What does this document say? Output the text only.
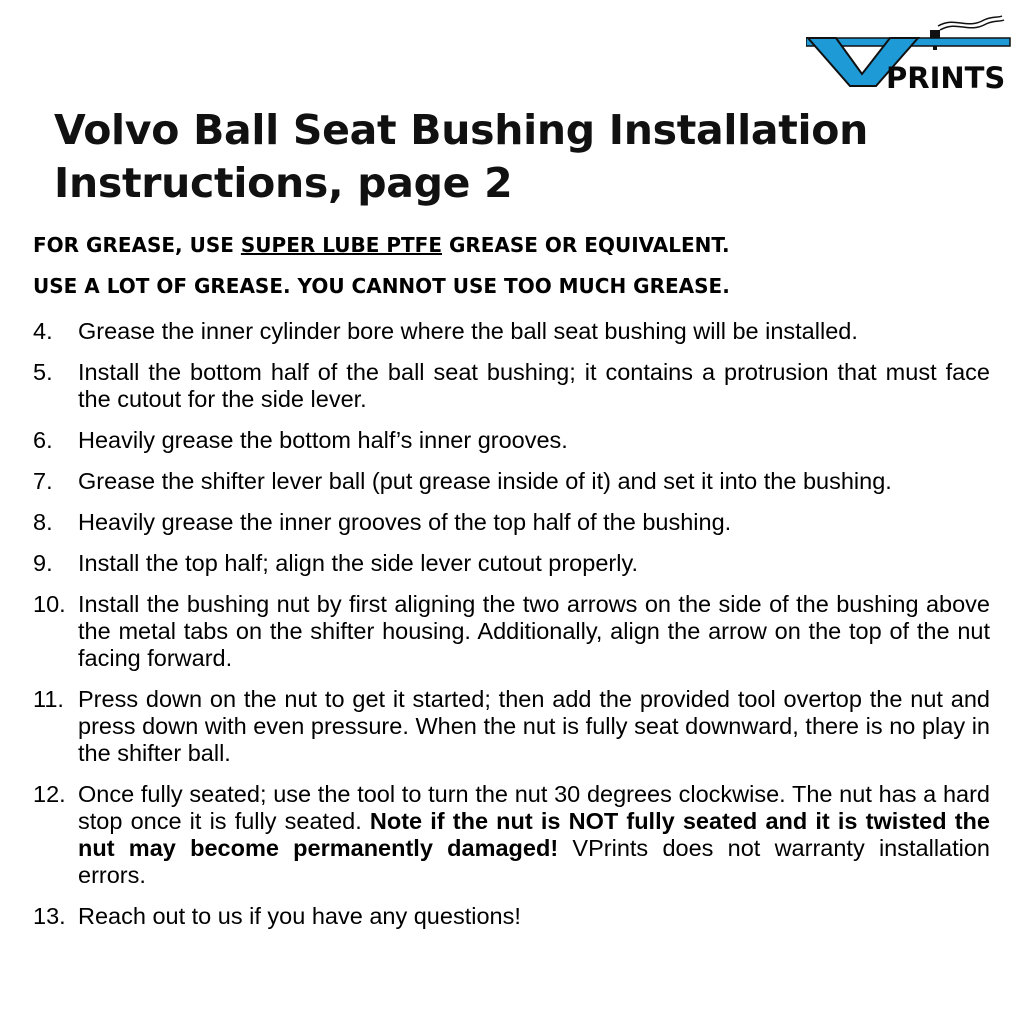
PRINTS
Volvo Ball Seat Bushing Installation Instructions, page 2

FOR GREASE, USE SUPER LUBE PTFE GREASE OR EQUIVALENT.

USE A LOT OF GREASE. YOU CANNOT USE TOO MUCH GREASE.

4.	Grease the inner cylinder bore where the ball seat bushing will be installed.
5.	Install the bottom half of the ball seat bushing; it contains a protrusion that must face the cutout for the side lever.
6.	Heavily grease the bottom half’s inner grooves.
7.	Grease the shifter lever ball (put grease inside of it) and set it into the bushing.
8.	Heavily grease the inner grooves of the top half of the bushing.
9.	Install the top half; align the side lever cutout properly.
10. Install the bushing nut by first aligning the two arrows on the side of the bushing above the metal tabs on the shifter housing. Additionally, align the arrow on the top of the nut facing forward.
11. Press down on the nut to get it started; then add the provided tool overtop the nut and press down with even pressure. When the nut is fully seat downward, there is no play in the shifter ball.
12. Once fully seated; use the tool to turn the nut 30 degrees clockwise. The nut has a hard stop once it is fully seated. Note if the nut is NOT fully seated and it is twisted the nut may become permanently damaged! VPrints does not warranty installation errors.
13. Reach out to us if you have any questions!
